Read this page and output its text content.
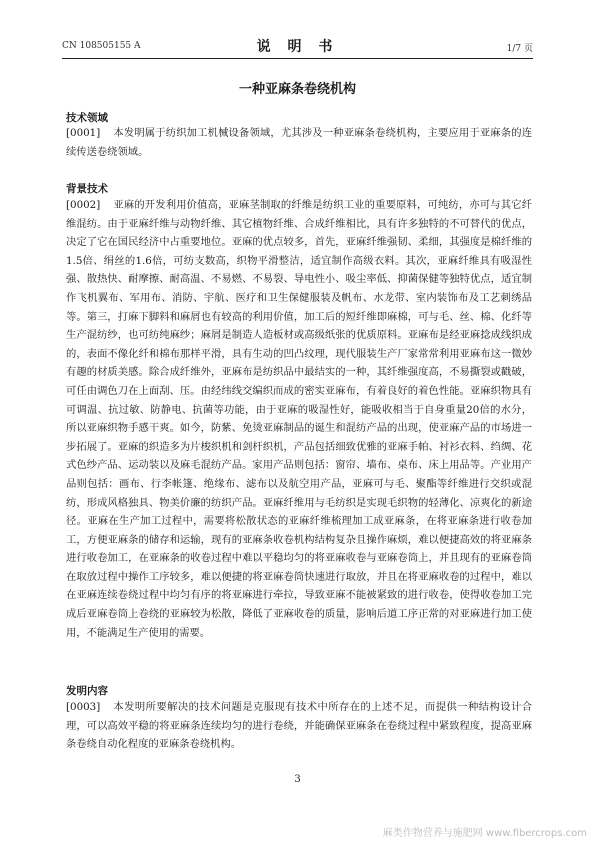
CN 108505155 A	说 明 书	1/7 页
一种亚麻条卷绕机构
技术领域

[0001] 本发明属于纺织加工机械设备领域，尤其涉及一种亚麻条卷绕机构，主要应用于亚麻条的连续传送卷绕领域。

背景技术

[0002] 亚麻的开发利用价值高，亚麻茎制取的纤维是纺织工业的重要原料，可纯纺，亦可与其它纤维混纺。由于亚麻纤维与动物纤维、其它植物纤维、合成纤维相比，具有许多独特的不可替代的优点，决定了它在国民经济中占重要地位。亚麻的优点较多，首先，亚麻纤维强韧、柔细，其强度是棉纤维的1.5倍、绢丝的1.6倍，可纺支数高，织物平滑整洁，适宜制作高级衣料。其次，亚麻纤维具有吸湿性强、散热快、耐摩擦、耐高温、不易燃、不易裂、导电性小、吸尘率低、抑菌保健等独特优点，适宜制作飞机翼布、军用布、消防、宇航、医疗和卫生保健服装及帆布、水龙带、室内装饰布及工艺刺绣品等。第三，打麻下脚料和麻屑也有较高的利用价值，加工后的短纤维即麻棉，可与毛、丝、棉、化纤等生产混纺纱，也可纺纯麻纱；麻屑是制造人造板材或高级纸张的优质原料。亚麻布是经亚麻捻成线织成的，表面不像化纤和棉布那样平滑，具有生动的凹凸纹理，现代服装生产厂家常常利用亚麻布这一微妙有趣的材质美感。除合成纤维外，亚麻布是纺织品中最结实的一种，其纤维强度高，不易撕裂或戳破，可任由调色刀在上面刮、压。由经纬线交编织而成的密实亚麻布，有着良好的着色性能。亚麻织物具有可调温、抗过敏、防静电、抗菌等功能，由于亚麻的吸湿性好，能吸收相当于自身重量20倍的水分，所以亚麻织物手感干爽。如今，防紫、免烫亚麻制品的诞生和混纺产品的出现，使亚麻产品的市场进一步拓展了。亚麻的织造多为片梭织机和剑杆织机，产品包括细致优雅的亚麻手帕、衬衫衣料、绉绸、花式色纱产品、运动装以及麻毛混纺产品。家用产品则包括：窗帘、墙布、桌布、床上用品等。产业用产品则包括：画布、行李帐篷、绝缘布、滤布以及航空用产品，亚麻可与毛、聚酯等纤维进行交织或混纺，形成风格独具、物美价廉的纺织产品。亚麻纤维用与毛纺织是实现毛织物的轻薄化、凉爽化的新途径。亚麻在生产加工过程中，需要将松散状态的亚麻纤维梳理加工成亚麻条，在将亚麻条进行收卷加工，方便亚麻条的储存和运输，现有的亚麻条收卷机构结构复杂且操作麻烦，难以便捷高效的将亚麻条进行收卷加工，在亚麻条的收卷过程中难以平稳均匀的将亚麻收卷与亚麻卷筒上，并且现有的亚麻卷筒在取放过程中操作工序较多，难以便捷的将亚麻卷筒快速进行取放，并且在将亚麻收卷的过程中，难以在亚麻连续卷绕过程中均匀有序的将亚麻进行牵拉，导致亚麻不能被紧致的进行收卷，使得收卷加工完成后亚麻卷筒上卷绕的亚麻较为松散，降低了亚麻收卷的质量，影响后道工序正常的对亚麻进行加工使用，不能满足生产使用的需要。

发明内容

[0003] 本发明所要解决的技术问题是克服现有技术中所存在的上述不足，而提供一种结构设计合理，可以高效平稳的将亚麻条连续均匀的进行卷绕，并能确保亚麻条在卷绕过程中紧致程度，提高亚麻条卷绕自动化程度的亚麻条卷绕机构。

3
麻类作物营养与施肥网 www.fibercrops.com
